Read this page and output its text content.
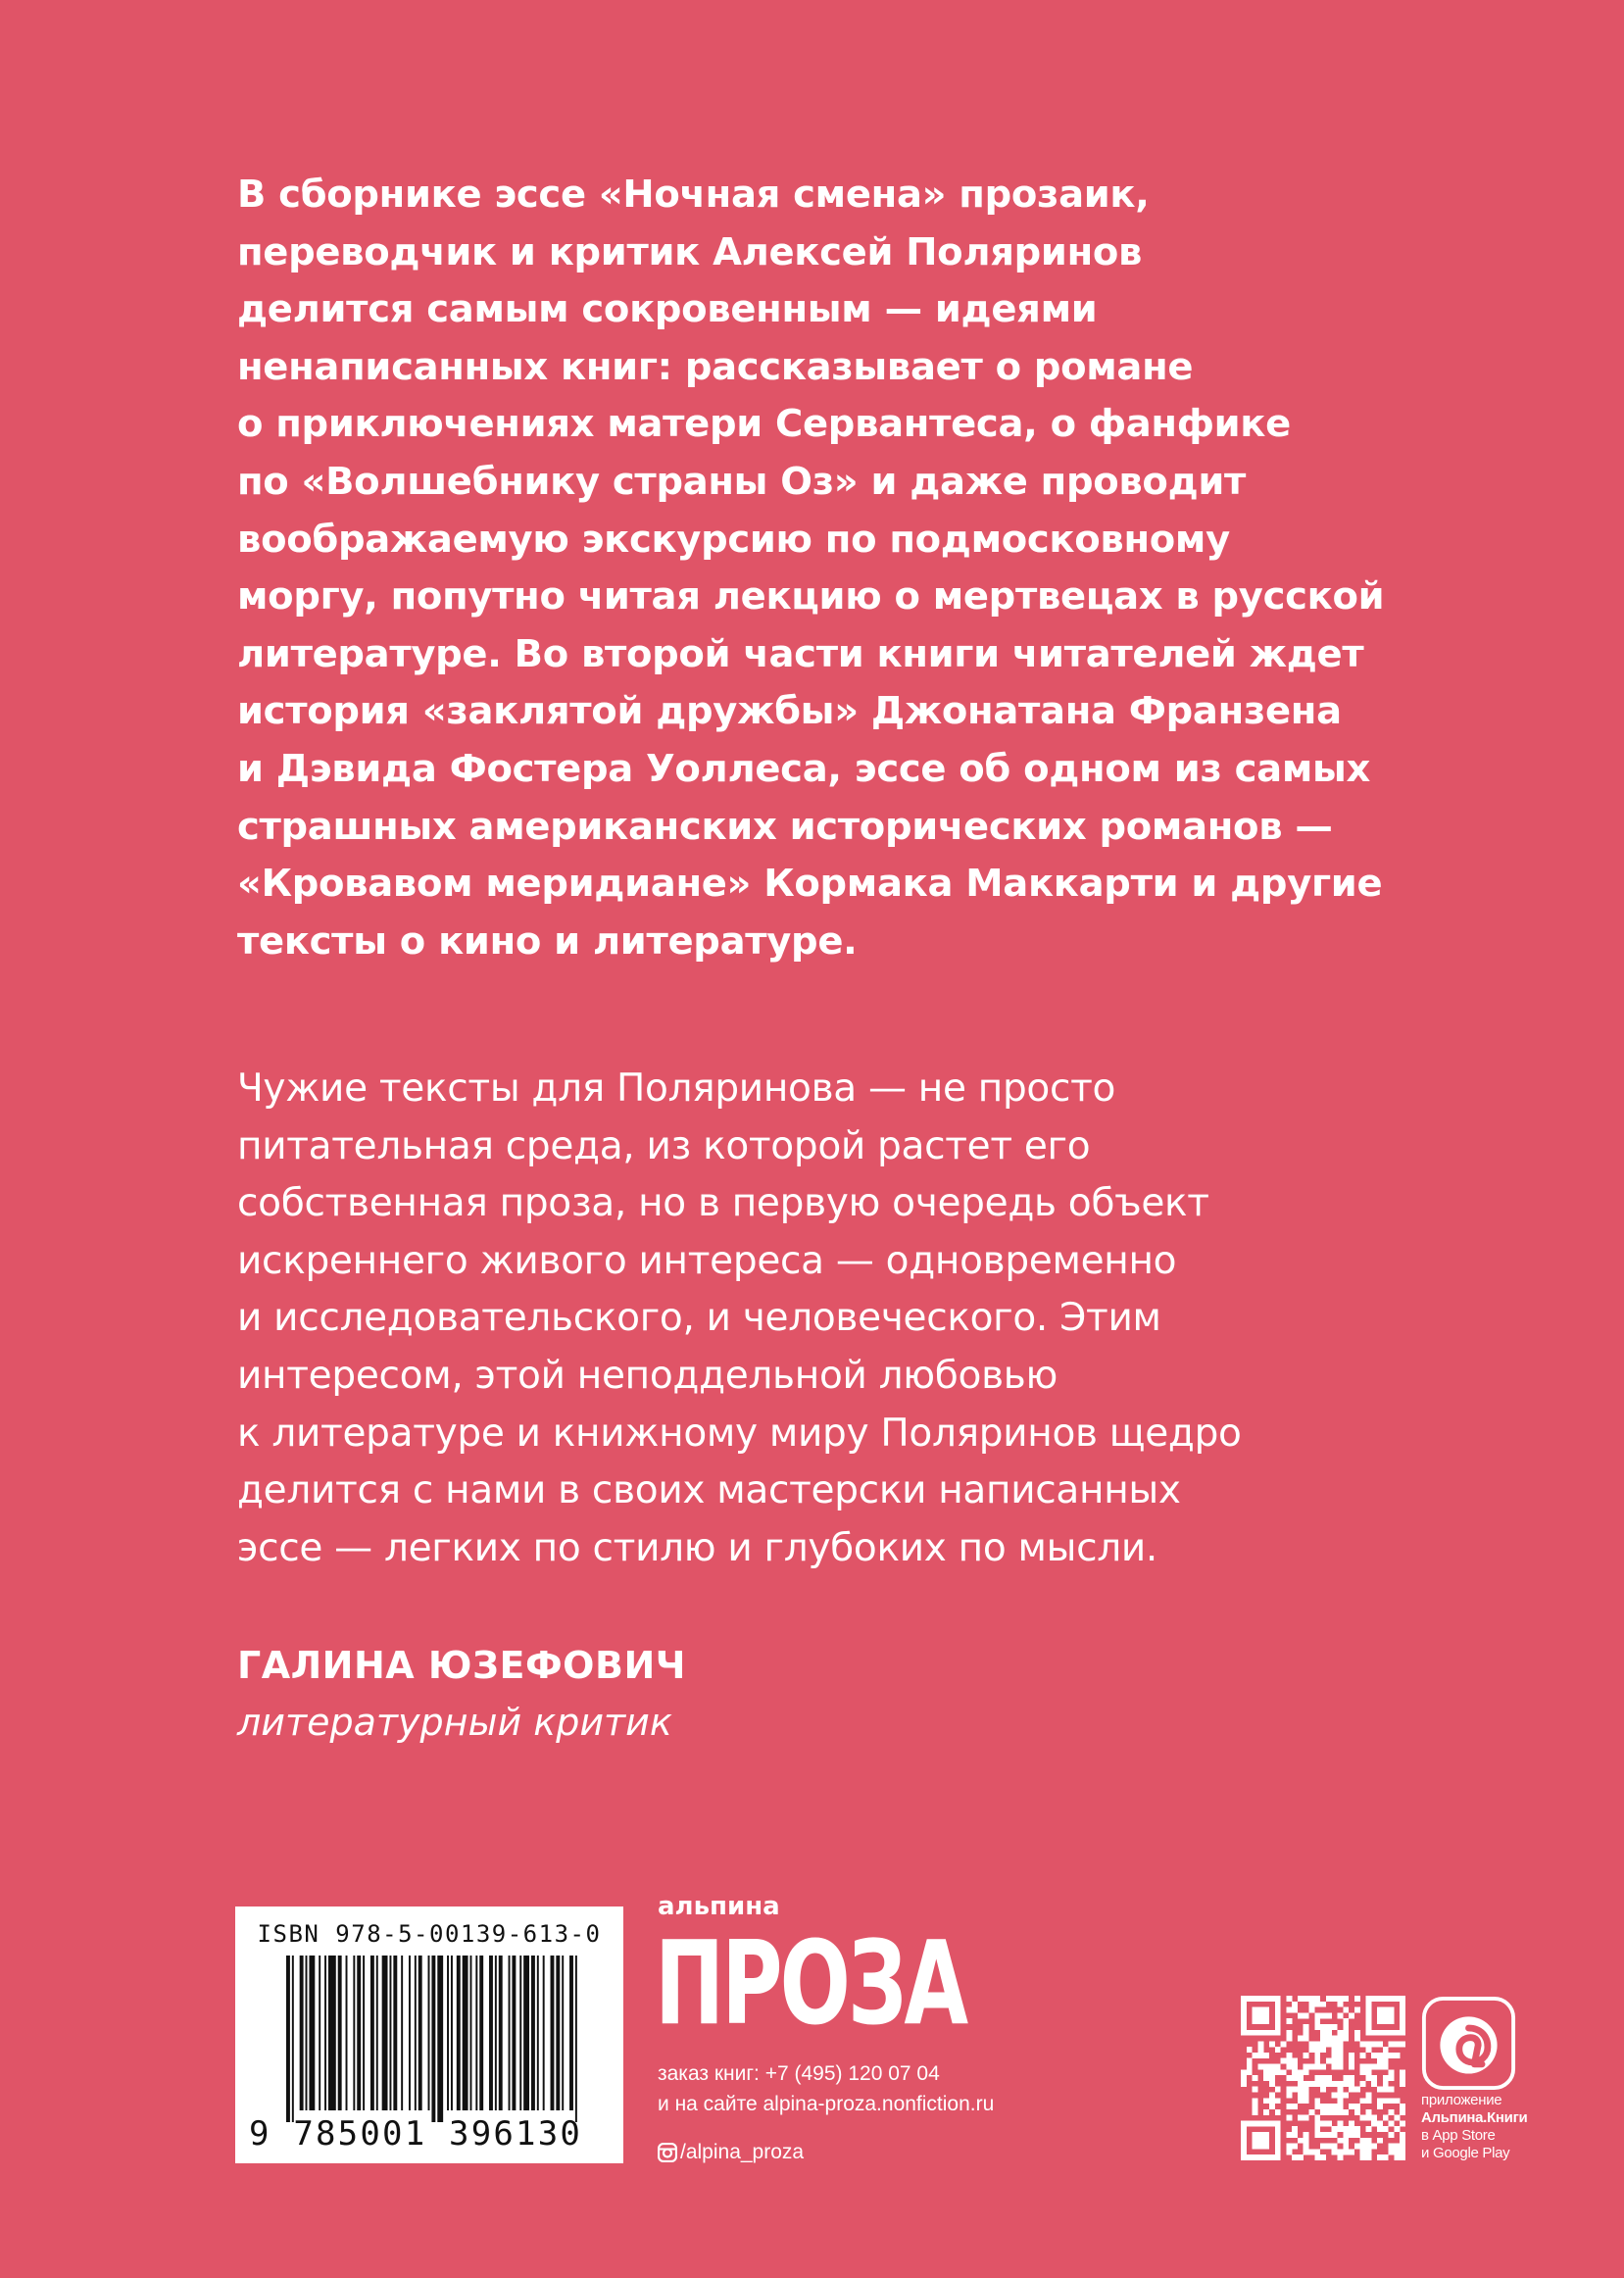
В сборнике эссе «Ночная смена» прозаик,
переводчик и критик Алексей Поляринов
делится самым сокровенным — идеями
ненаписанных книг: рассказывает о романе
о приключениях матери Сервантеса, о фанфике
по «Волшебнику страны Оз» и даже проводит
воображаемую экскурсию по подмосковному
моргу, попутно читая лекцию о мертвецах в русской
литературе. Во второй части книги читателей ждет
история «заклятой дружбы» Джонатана Франзена
и Дэвида Фостера Уоллеса, эссе об одном из самых
страшных американских исторических романов —
«Кровавом меридиане» Кормака Маккарти и другие
тексты о кино и литературе.
Чужие тексты для Поляринова — не просто
питательная среда, из которой растет его
собственная проза, но в первую очередь объект
искреннего живого интереса — одновременно
и исследовательского, и человеческого. Этим
интересом, этой неподдельной любовью
к литературе и книжному миру Поляринов щедро
делится с нами в своих мастерски написанных
эссе — легких по стилю и глубоких по мысли.
ГАЛИНА ЮЗЕФОВИЧ
литературный критик
ISBN 978-5-00139-613-0
9 785001 396130
альпина
ПРОЗА
заказ книг: +7 (495) 120 07 04
и на сайте alpina-proza.nonfiction.ru
/alpina_proza
приложение
Альпина.Книги
в App Store
и Google Play
